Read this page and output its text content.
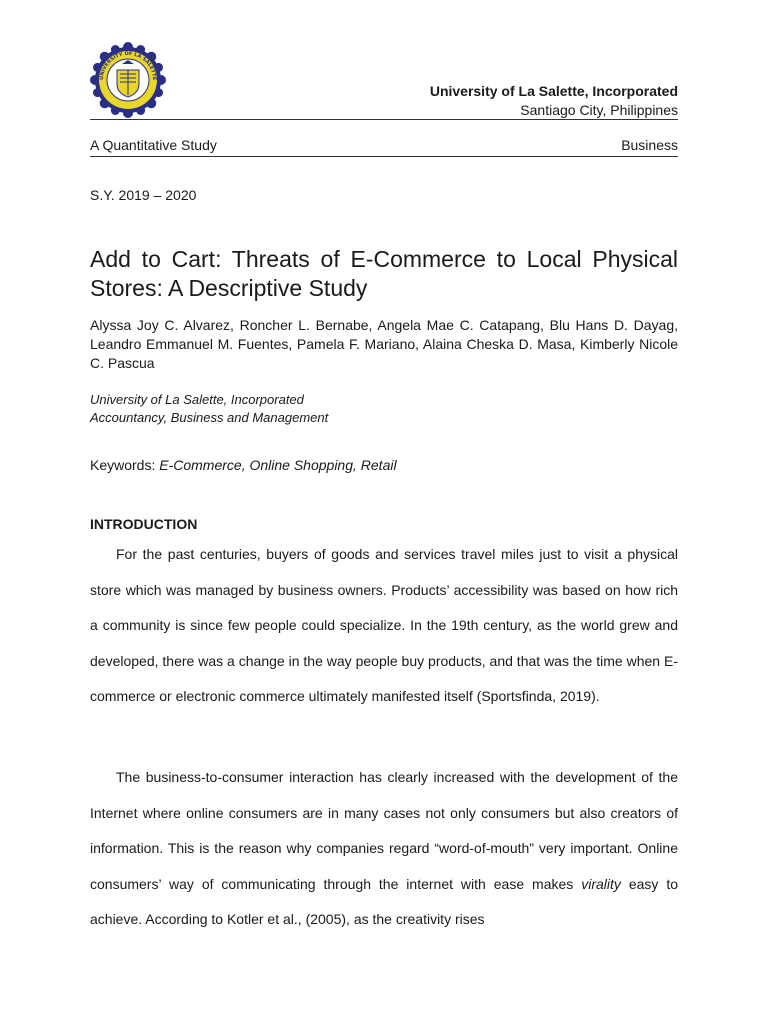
UNIVERSITY OF LA SALETTE
University of La Salette, Incorporated
Santiago City, Philippines
A Quantitative Study	Business
S.Y. 2019 – 2020
Add to Cart: Threats of E-Commerce to Local Physical Stores: A Descriptive Study
Alyssa Joy C. Alvarez, Roncher L. Bernabe, Angela Mae C. Catapang, Blu Hans D. Dayag, Leandro Emmanuel M. Fuentes, Pamela F. Mariano, Alaina Cheska D. Masa, Kimberly Nicole C. Pascua
University of La Salette, Incorporated
Accountancy, Business and Management
Keywords: E-Commerce, Online Shopping, Retail
INTRODUCTION

For the past centuries, buyers of goods and services travel miles just to visit a physical store which was managed by business owners. Products’ accessibility was based on how rich a community is since few people could specialize. In the 19th century, as the world grew and developed, there was a change in the way people buy products, and that was the time when E-commerce or electronic commerce ultimately manifested itself (Sportsfinda, 2019).

The business-to-consumer interaction has clearly increased with the development of the Internet where online consumers are in many cases not only consumers but also creators of information. This is the reason why companies regard “word-of-mouth” very important. Online consumers’ way of communicating through the internet with ease makes virality easy to achieve. According to Kotler et al., (2005), as the creativity rises
